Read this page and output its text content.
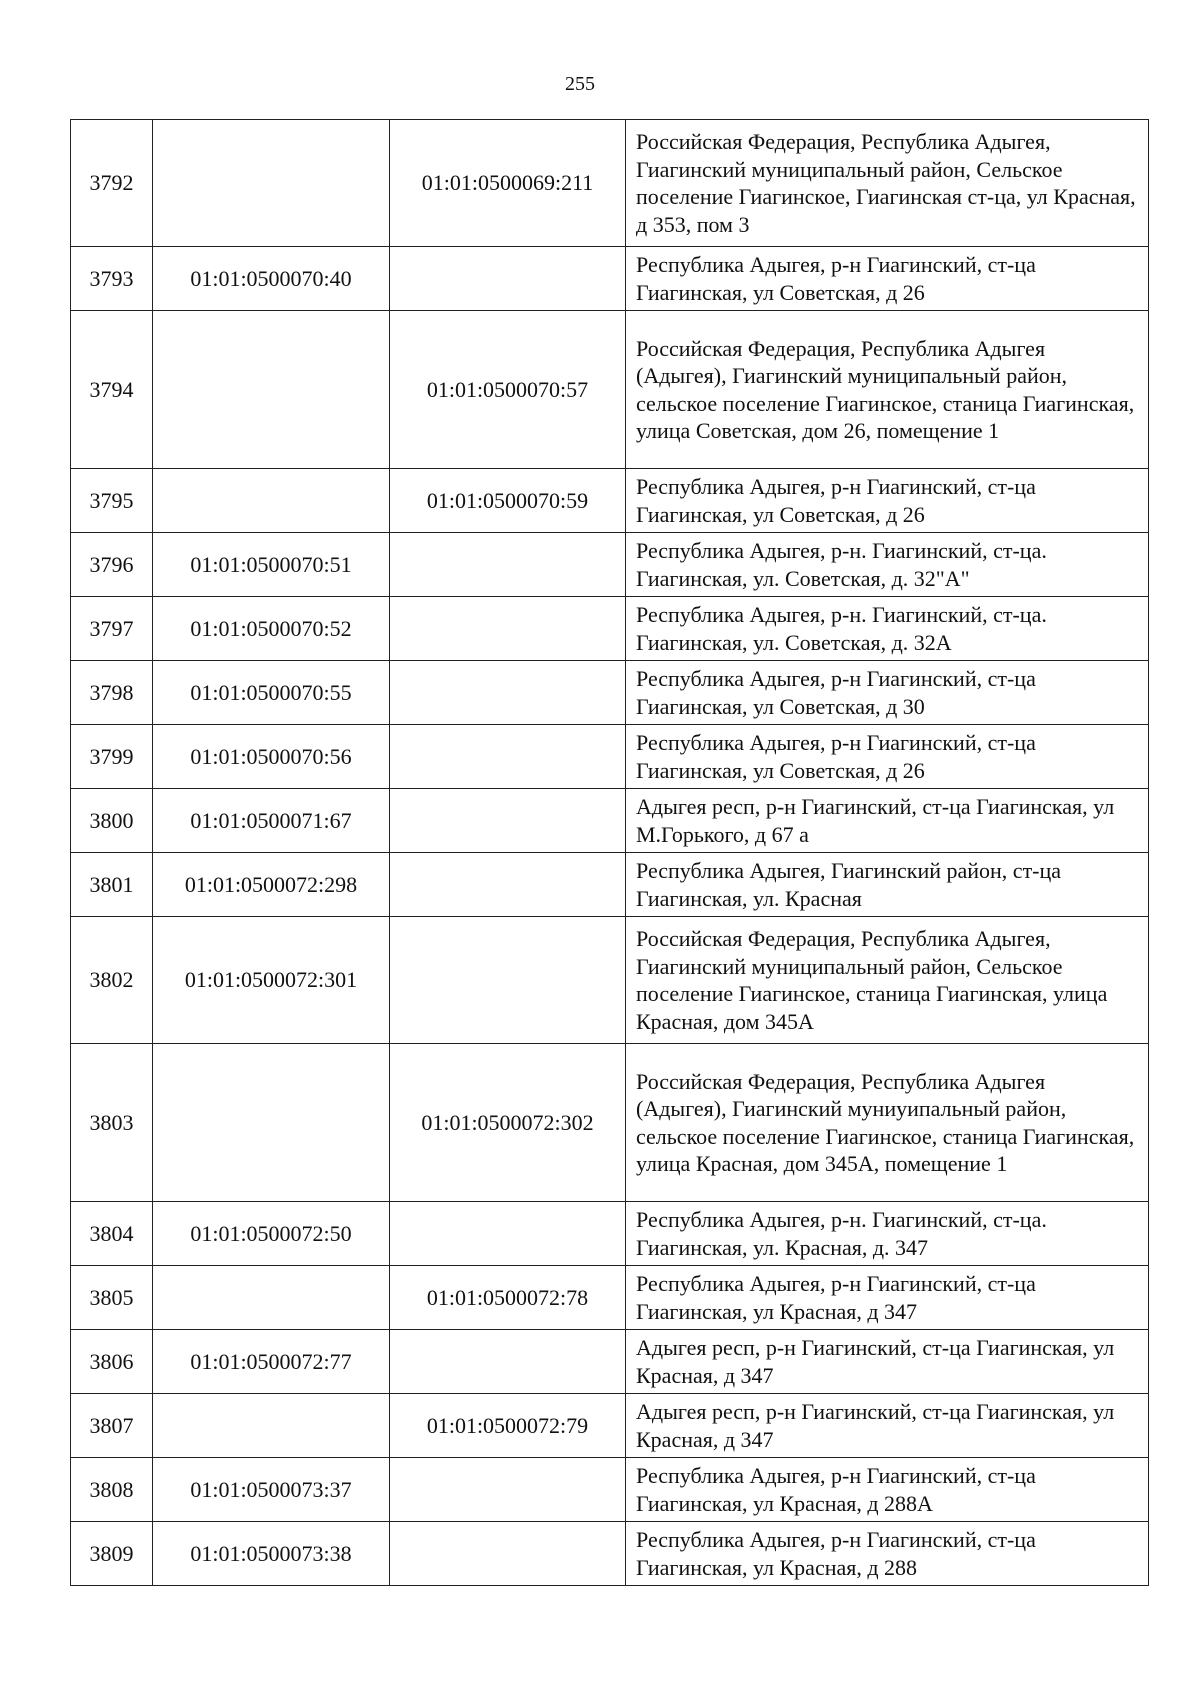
255
3792		01:01:0500069:211	Российская Федерация, Республика Адыгея, Гиагинский муниципальный район, Сельское поселение Гиагинское, Гиагинская ст-ца, ул Красная, д 353, пом 3
3793	01:01:0500070:40		Республика Адыгея, р-н Гиагинский, ст-ца Гиагинская, ул Советская, д 26
3794		01:01:0500070:57	Российская Федерация, Республика Адыгея (Адыгея), Гиагинский муниципальный район, сельское поселение Гиагинское, станица Гиагинская, улица Советская, дом 26, помещение 1
3795		01:01:0500070:59	Республика Адыгея, р-н Гиагинский, ст-ца Гиагинская, ул Советская, д 26
3796	01:01:0500070:51		Республика Адыгея, р-н. Гиагинский, ст-ца. Гиагинская, ул. Советская, д. 32"А"
3797	01:01:0500070:52		Республика Адыгея, р-н. Гиагинский, ст-ца. Гиагинская, ул. Советская, д. 32А
3798	01:01:0500070:55		Республика Адыгея, р-н Гиагинский, ст-ца Гиагинская, ул Советская, д 30
3799	01:01:0500070:56		Республика Адыгея, р-н Гиагинский, ст-ца Гиагинская, ул Советская, д 26
3800	01:01:0500071:67		Адыгея респ, р-н Гиагинский, ст-ца Гиагинская, ул М.Горького, д 67 а
3801	01:01:0500072:298		Республика Адыгея, Гиагинский район, ст-ца Гиагинская, ул. Красная
3802	01:01:0500072:301		Российская Федерация, Республика Адыгея, Гиагинский муниципальный район, Сельское поселение Гиагинское, станица Гиагинская, улица Красная, дом 345А
3803		01:01:0500072:302	Российская Федерация, Республика Адыгея (Адыгея), Гиагинский муниуипальный район, сельское поселение Гиагинское, станица Гиагинская, улица Красная, дом 345А, помещение 1
3804	01:01:0500072:50		Республика Адыгея, р-н. Гиагинский, ст-ца. Гиагинская, ул. Красная, д. 347
3805		01:01:0500072:78	Республика Адыгея, р-н Гиагинский, ст-ца Гиагинская, ул Красная, д 347
3806	01:01:0500072:77		Адыгея респ, р-н Гиагинский, ст-ца Гиагинская, ул Красная, д 347
3807		01:01:0500072:79	Адыгея респ, р-н Гиагинский, ст-ца Гиагинская, ул Красная, д 347
3808	01:01:0500073:37		Республика Адыгея, р-н Гиагинский, ст-ца Гиагинская, ул Красная, д 288А
3809	01:01:0500073:38		Республика Адыгея, р-н Гиагинский, ст-ца Гиагинская, ул Красная, д 288
